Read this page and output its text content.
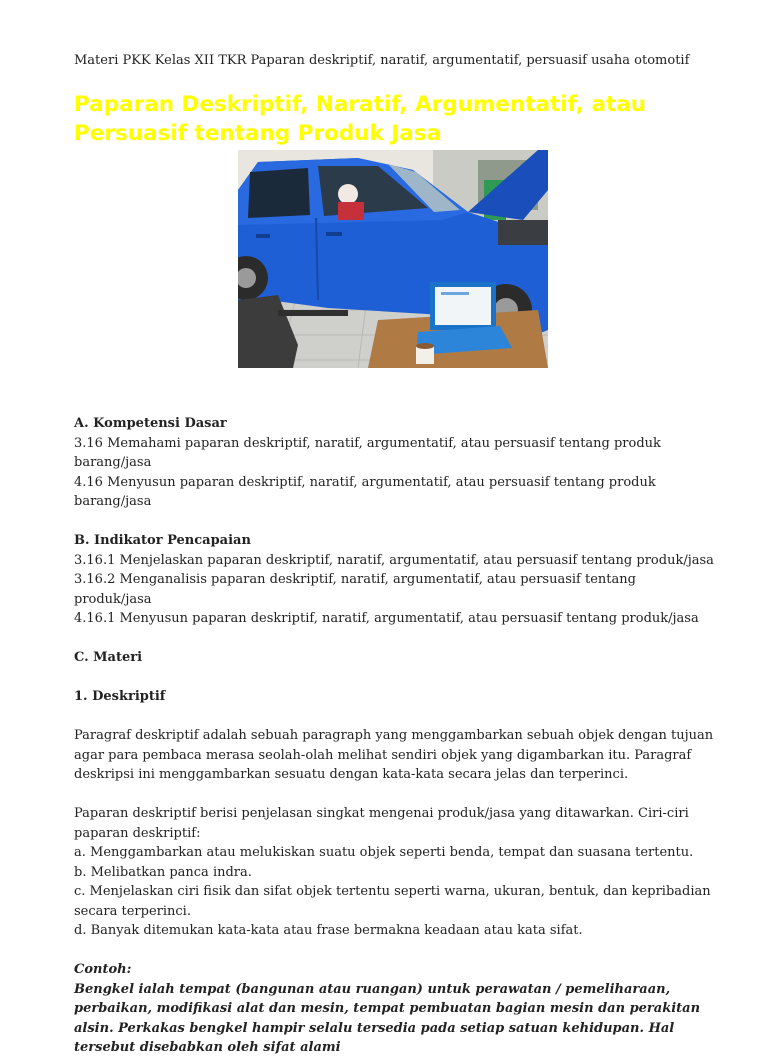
Materi PKK Kelas XII TKR Paparan deskriptif, naratif, argumentatif, persuasif usaha otomotif
Paparan Deskriptif, Naratif, Argumentatif, atau Persuasif tentang Produk Jasa

A. Kompetensi Dasar

3.16 Memahami paparan deskriptif, naratif, argumentatif, atau persuasif tentang produk barang/jasa

4.16 Menyusun paparan deskriptif, naratif, argumentatif, atau persuasif tentang produk barang/jasa

B. Indikator Pencapaian

3.16.1 Menjelaskan paparan deskriptif, naratif, argumentatif, atau persuasif tentang produk/jasa

3.16.2 Menganalisis paparan deskriptif, naratif, argumentatif, atau persuasif tentang produk/jasa

4.16.1 Menyusun paparan deskriptif, naratif, argumentatif, atau persuasif tentang produk/jasa

C. Materi

1. Deskriptif

Paragraf deskriptif adalah sebuah paragraph yang menggambarkan sebuah objek dengan tujuan agar para pembaca merasa seolah-olah melihat sendiri objek yang digambarkan itu. Paragraf deskripsi ini menggambarkan sesuatu dengan kata-kata secara jelas dan terperinci.

Paparan deskriptif berisi penjelasan singkat mengenai produk/jasa yang ditawarkan. Ciri-ciri paparan deskriptif:

a. Menggambarkan atau melukiskan suatu objek seperti benda, tempat dan suasana tertentu.

b. Melibatkan panca indra.

c. Menjelaskan ciri fisik dan sifat objek tertentu seperti warna, ukuran, bentuk, dan kepribadian secara terperinci.

d. Banyak ditemukan kata-kata atau frase bermakna keadaan atau kata sifat.

Contoh:

Bengkel ialah tempat (bangunan atau ruangan) untuk perawatan / pemeliharaan, perbaikan, modifikasi alat dan mesin, tempat pembuatan bagian mesin dan perakitan alsin. Perkakas bengkel hampir selalu tersedia pada setiap satuan kehidupan. Hal tersebut disebabkan oleh sifat alami
